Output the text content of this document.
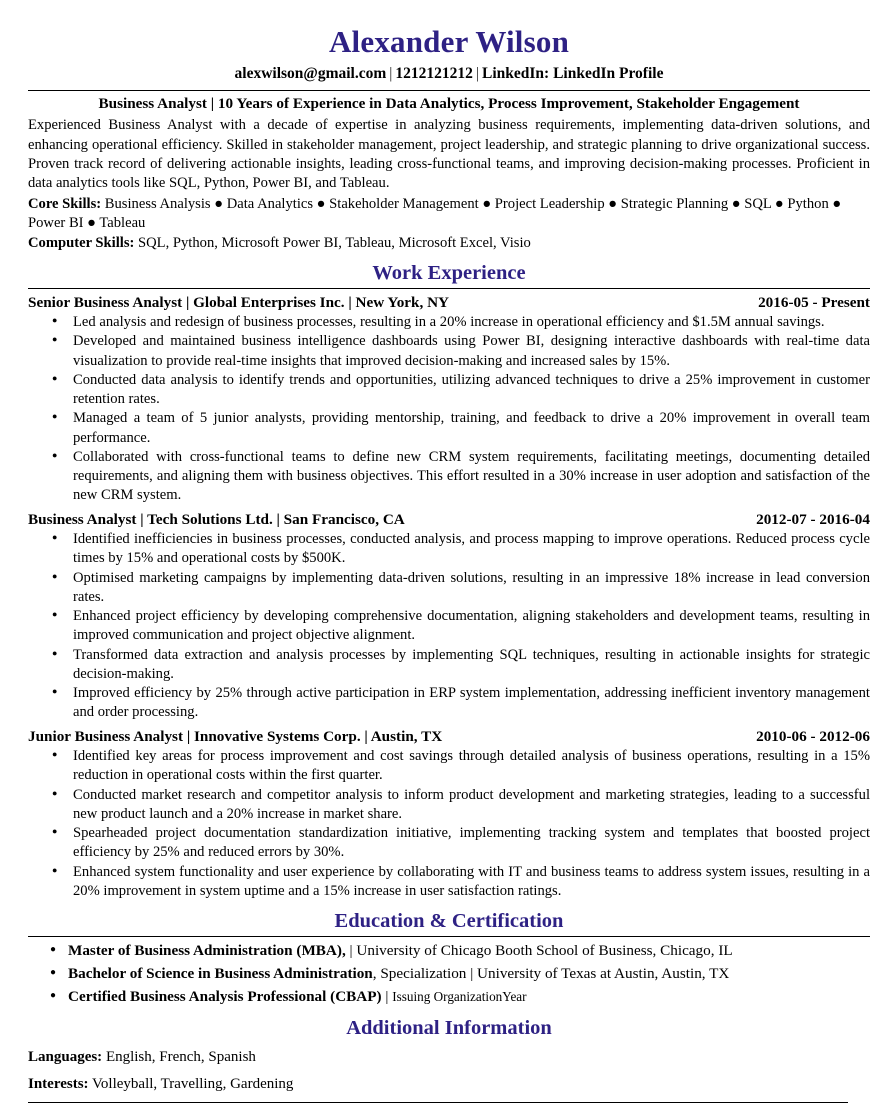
Alexander Wilson
alexwilson@gmail.com | 1212121212 | LinkedIn: LinkedIn Profile
Business Analyst | 10 Years of Experience in Data Analytics, Process Improvement, Stakeholder Engagement

Experienced Business Analyst with a decade of expertise in analyzing business requirements, implementing data-driven solutions, and enhancing operational efficiency. Skilled in stakeholder management, project leadership, and strategic planning to drive organizational success. Proven track record of delivering actionable insights, leading cross-functional teams, and improving decision-making processes. Proficient in data analytics tools like SQL, Python, Power BI, and Tableau.

Core Skills: Business Analysis ● Data Analytics ● Stakeholder Management ● Project Leadership ● Strategic Planning ● SQL ● Python ● Power BI ● Tableau

Computer Skills: SQL, Python, Microsoft Power BI, Tableau, Microsoft Excel, Visio

Work Experience
Senior Business Analyst | Global Enterprises Inc. | New York, NY	2016-05 - Present
● Led analysis and redesign of business processes, resulting in a 20% increase in operational efficiency and $1.5M annual savings.
● Developed and maintained business intelligence dashboards using Power BI, designing interactive dashboards with real-time data visualization to provide real-time insights that improved decision-making and increased sales by 15%.
● Conducted data analysis to identify trends and opportunities, utilizing advanced techniques to drive a 25% improvement in customer retention rates.
● Managed a team of 5 junior analysts, providing mentorship, training, and feedback to drive a 20% improvement in overall team performance.
● Collaborated with cross-functional teams to define new CRM system requirements, facilitating meetings, documenting detailed requirements, and aligning them with business objectives. This effort resulted in a 30% increase in user adoption and satisfaction of the new CRM system.
Business Analyst | Tech Solutions Ltd. | San Francisco, CA	2012-07 - 2016-04
● Identified inefficiencies in business processes, conducted analysis, and process mapping to improve operations. Reduced process cycle times by 15% and operational costs by $500K.
● Optimised marketing campaigns by implementing data-driven solutions, resulting in an impressive 18% increase in lead conversion rates.
● Enhanced project efficiency by developing comprehensive documentation, aligning stakeholders and development teams, resulting in improved communication and project objective alignment.
● Transformed data extraction and analysis processes by implementing SQL techniques, resulting in actionable insights for strategic decision-making.
● Improved efficiency by 25% through active participation in ERP system implementation, addressing inefficient inventory management and order processing.
Junior Business Analyst | Innovative Systems Corp. | Austin, TX	2010-06 - 2012-06
● Identified key areas for process improvement and cost savings through detailed analysis of business operations, resulting in a 15% reduction in operational costs within the first quarter.
● Conducted market research and competitor analysis to inform product development and marketing strategies, leading to a successful new product launch and a 20% increase in market share.
● Spearheaded project documentation standardization initiative, implementing tracking system and templates that boosted project efficiency by 25% and reduced errors by 30%.
● Enhanced system functionality and user experience by collaborating with IT and business teams to address system issues, resulting in a 20% improvement in system uptime and a 15% increase in user satisfaction ratings.
Education & Certification
● Master of Business Administration (MBA), | University of Chicago Booth School of Business, Chicago, IL
● Bachelor of Science in Business Administration, Specialization | University of Texas at Austin, Austin, TX
● Certified Business Analysis Professional (CBAP) | Issuing OrganizationYear
Additional Information

Languages: English, French, Spanish

Interests: Volleyball, Travelling, Gardening
